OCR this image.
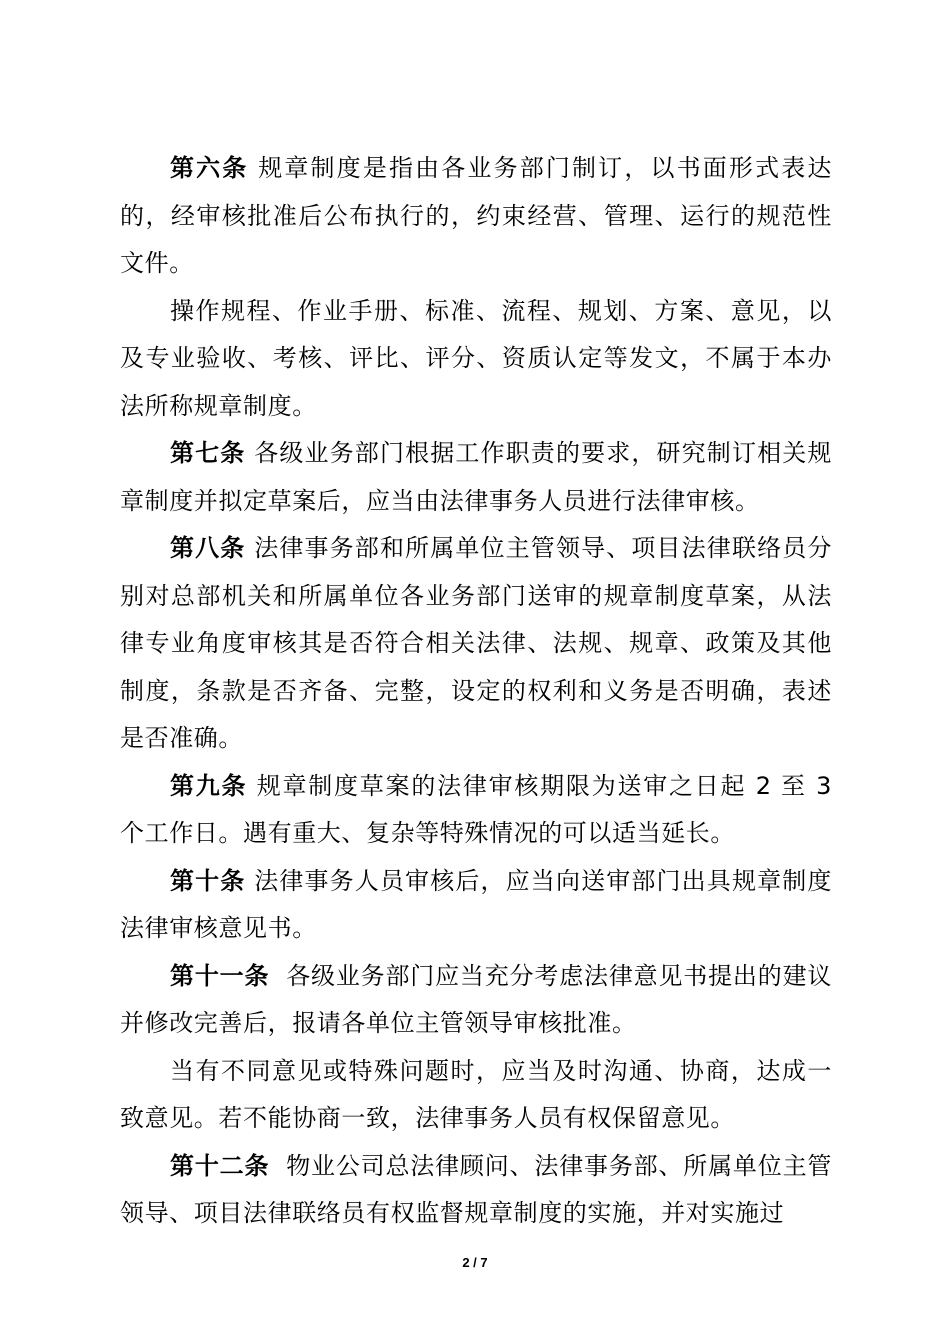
第六条 规章制度是指由各业务部门制订，以书面形式表达的，经审核批准后公布执行的，约束经营、管理、运行的规范性文件。

操作规程、作业手册、标准、流程、规划、方案、意见，以及专业验收、考核、评比、评分、资质认定等发文，不属于本办法所称规章制度。

第七条 各级业务部门根据工作职责的要求，研究制订相关规章制度并拟定草案后，应当由法律事务人员进行法律审核。

第八条 法律事务部和所属单位主管领导、项目法律联络员分别对总部机关和所属单位各业务部门送审的规章制度草案，从法律专业角度审核其是否符合相关法律、法规、规章、政策及其他制度，条款是否齐备、完整，设定的权利和义务是否明确，表述是否准确。

第九条 规章制度草案的法律审核期限为送审之日起 2 至 3 个工作日。遇有重大、复杂等特殊情况的可以适当延长。

第十条 法律事务人员审核后，应当向送审部门出具规章制度法律审核意见书。

第十一条 各级业务部门应当充分考虑法律意见书提出的建议并修改完善后，报请各单位主管领导审核批准。

当有不同意见或特殊问题时，应当及时沟通、协商，达成一致意见。若不能协商一致，法律事务人员有权保留意见。

第十二条 物业公司总法律顾问、法律事务部、所属单位主管领导、项目法律联络员有权监督规章制度的实施，并对实施过

2 / 7
